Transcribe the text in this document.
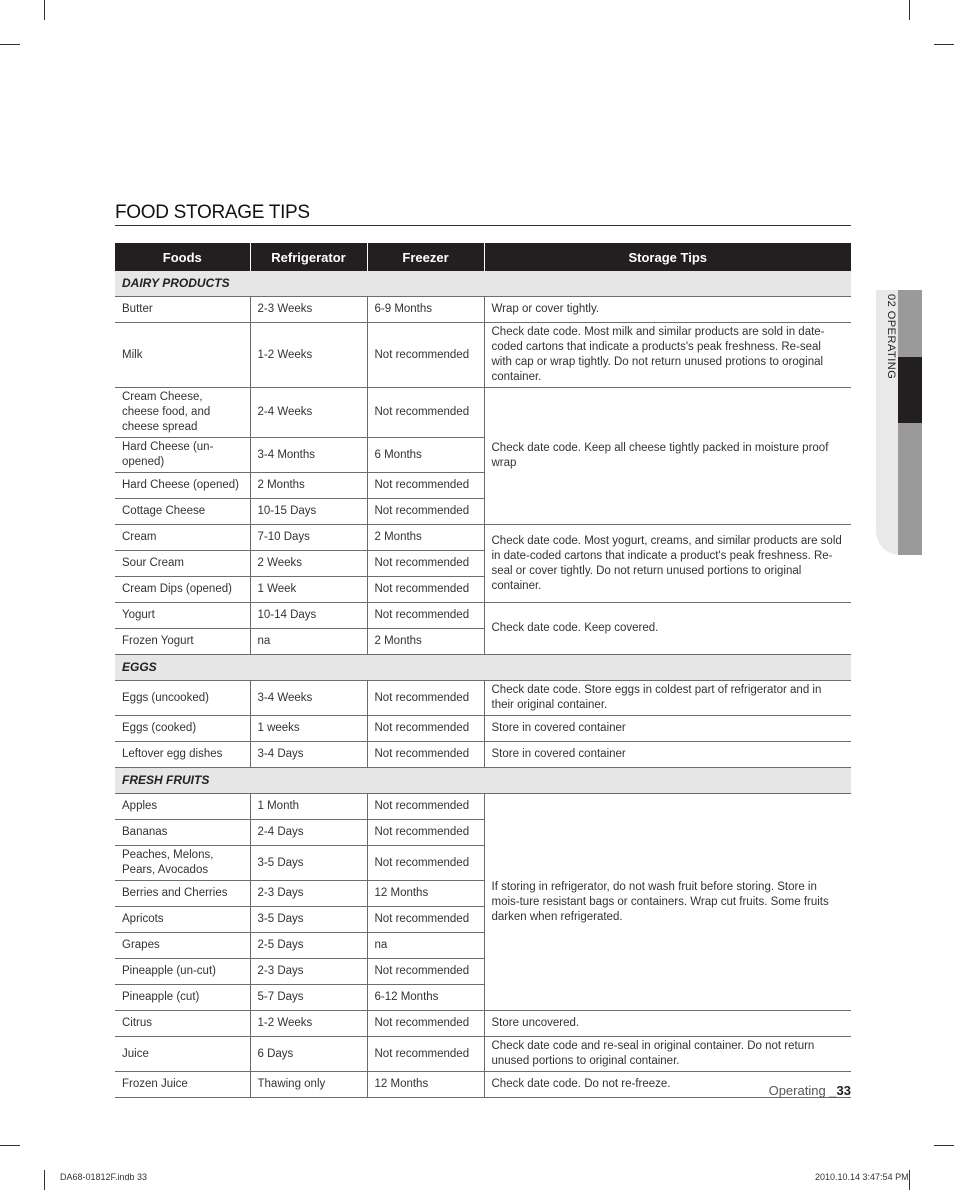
FOOD STORAGE TIPS
Foods	Refrigerator	Freezer	Storage Tips
DAIRY PRODUCTS			
Butter	2-3 Weeks	6-9 Months	Wrap or cover tightly.
Milk	1-2 Weeks	Not recommended	Check date code. Most milk and similar products are sold in date-coded cartons that indicate a products's peak freshness. Re-seal with cap or wrap tightly. Do not return unused protions to oroginal container.
Cream Cheese, cheese food, and cheese spread	2-4 Weeks	Not recommended	Check date code. Keep all cheese tightly packed in moisture proof wrap
Hard Cheese (un-opened)	3-4 Months	6 Months	
Hard Cheese (opened)	2 Months	Not recommended	
Cottage Cheese	10-15 Days	Not recommended	
Cream	7-10 Days	2 Months	Check date code. Most yogurt, creams, and similar products are sold in date-coded cartons that indicate a product's peak freshness. Re-seal or cover tightly. Do not return unused portions to original container.
Sour Cream	2 Weeks	Not recommended	
Cream Dips (opened)	1 Week	Not recommended	
Yogurt	10-14 Days	Not recommended	Check date code. Keep covered.
Frozen Yogurt	na	2 Months	
EGGS			
Eggs (uncooked)	3-4 Weeks	Not recommended	Check date code. Store eggs in coldest part of refrigerator and in their original container.
Eggs (cooked)	1 weeks	Not recommended	Store in covered container
Leftover egg dishes	3-4 Days	Not recommended	Store in covered container
FRESH FRUITS			
Apples	1 Month	Not recommended	If storing in refrigerator, do not wash fruit before storing. Store in mois-ture resistant bags or containers. Wrap cut fruits. Some fruits darken when refrigerated.
Bananas	2-4 Days	Not recommended	
Peaches, Melons, Pears, Avocados	3-5 Days	Not recommended	
Berries and Cherries	2-3 Days	12 Months	
Apricots	3-5 Days	Not recommended	
Grapes	2-5 Days	na	
Pineapple (un-cut)	2-3 Days	Not recommended	
Pineapple (cut)	5-7 Days	6-12 Months	
Citrus	1-2 Weeks	Not recommended	Store uncovered.
Juice	6 Days	Not recommended	Check date code and re-seal in original container. Do not return unused portions to original container.
Frozen Juice	Thawing only	12 Months	Check date code. Do not re-freeze.
02 OPERATING
Operating _33
DA68-01812F.indb 33	2010.10.14 3:47:54 PM
